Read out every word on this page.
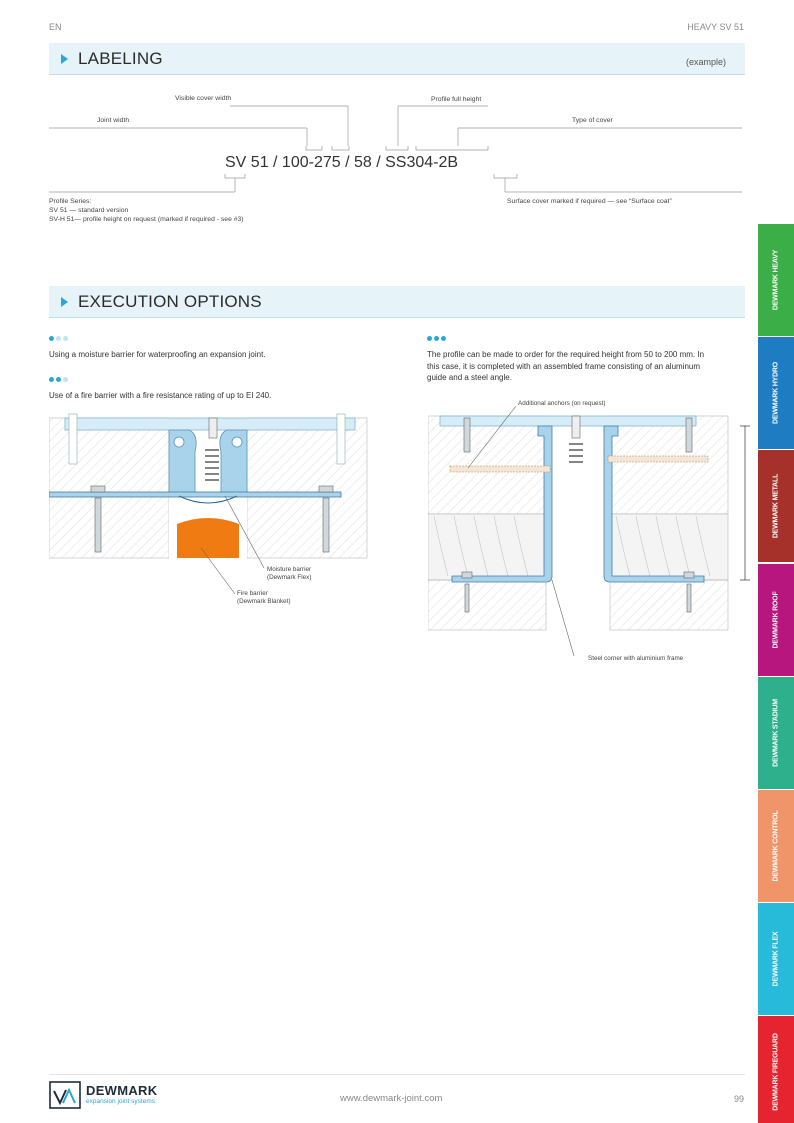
EN	HEAVY SV 51
LABELING	(example)
Visible cover width
Joint width
Profile full height
Type of cover
SV 51 / 100-275 / 58 / SS304-2B
Profile Series:
SV 51 — standard version
SV-H 51— profile height on request (marked if required - see #3)
Surface cover marked if required — see “Surface coat”
EXECUTION OPTIONS
Using a moisture barrier for waterproofing an expansion joint.
Use of a fire barrier with a fire resistance rating of up to EI 240.
The profile can be made to order for the required height from 50 to 200 mm. In this case, it is completed with an assembled frame consisting of an aluminum guide and a steel angle.
Moisture barrier
(Dewmark Flex)
Fire barrier
(Dewmark Blanket)
Additional anchors (on request)
Steel corner with aluminium frame
DEWMARK HEAVY
DEWMARK HYDRO
DEWMARK METALL
DEWMARK ROOF
DEWMARK STADIUM
DEWMARK CONTROL
DEWMARK FLEX
DEWMARK FIREGUARD
DEWMARK
expansion joint systems	www.dewmark-joint.com	99
